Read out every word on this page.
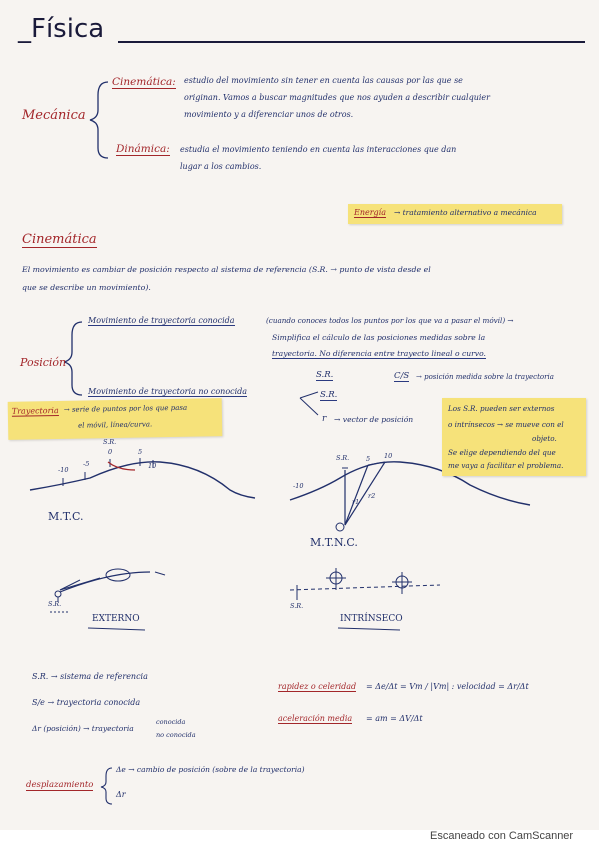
_Física
Mecánica
Cinemática: estudio del movimiento sin tener en cuenta las causas por las que se
originan. Vamos a buscar magnitudes que nos ayuden a describir cualquier
movimiento y a diferenciar unos de otros.
Dinámica: estudia el movimiento teniendo en cuenta las interacciones que dan
lugar a los cambios.
Energía → tratamiento alternativo a mecánica
Cinemática
El movimiento es cambiar de posición respecto al sistema de referencia (S.R. → punto de vista desde el
que se describe un movimiento).
Posición
Movimiento de trayectoria conocida	(cuando conoces todos los puntos por los que va a pasar el móvil) →
Simplifica el cálculo de las posiciones medidas sobre la
trayectoria. No diferencia entre trayecto lineal o curvo.
S.R.	C/S → posición medida sobre la trayectoria
Movimiento de trayectoria no conocida	S.R.
r → vector de posición
Trayectoria → serie de puntos por los que pasa
el móvil, línea/curva.
Los S.R. pueden ser externos
o intrínsecos → se mueve con el
objeto.
Se elige dependiendo del que
me vaya a facilitar el problema.
-10
-5
0
S.R.
5
10
M.T.C.
-10
S.R.	5 10
r1
r2
M.T.N.C.
S.R.
EXTERNO
S.R.
INTRÍNSECO
S.R. → sistema de referencia
S/e → trayectoria conocida
Δr (posición) → trayectoria
conocida
no conocida
rapidez o celeridad = Δe/Δt = Vm / |Vm| : velocidad = Δr/Δt
aceleración media = am = ΔV/Δt
desplazamiento
Δe → cambio de posición (sobre de la trayectoria)
Δr
Escaneado con CamScanner
